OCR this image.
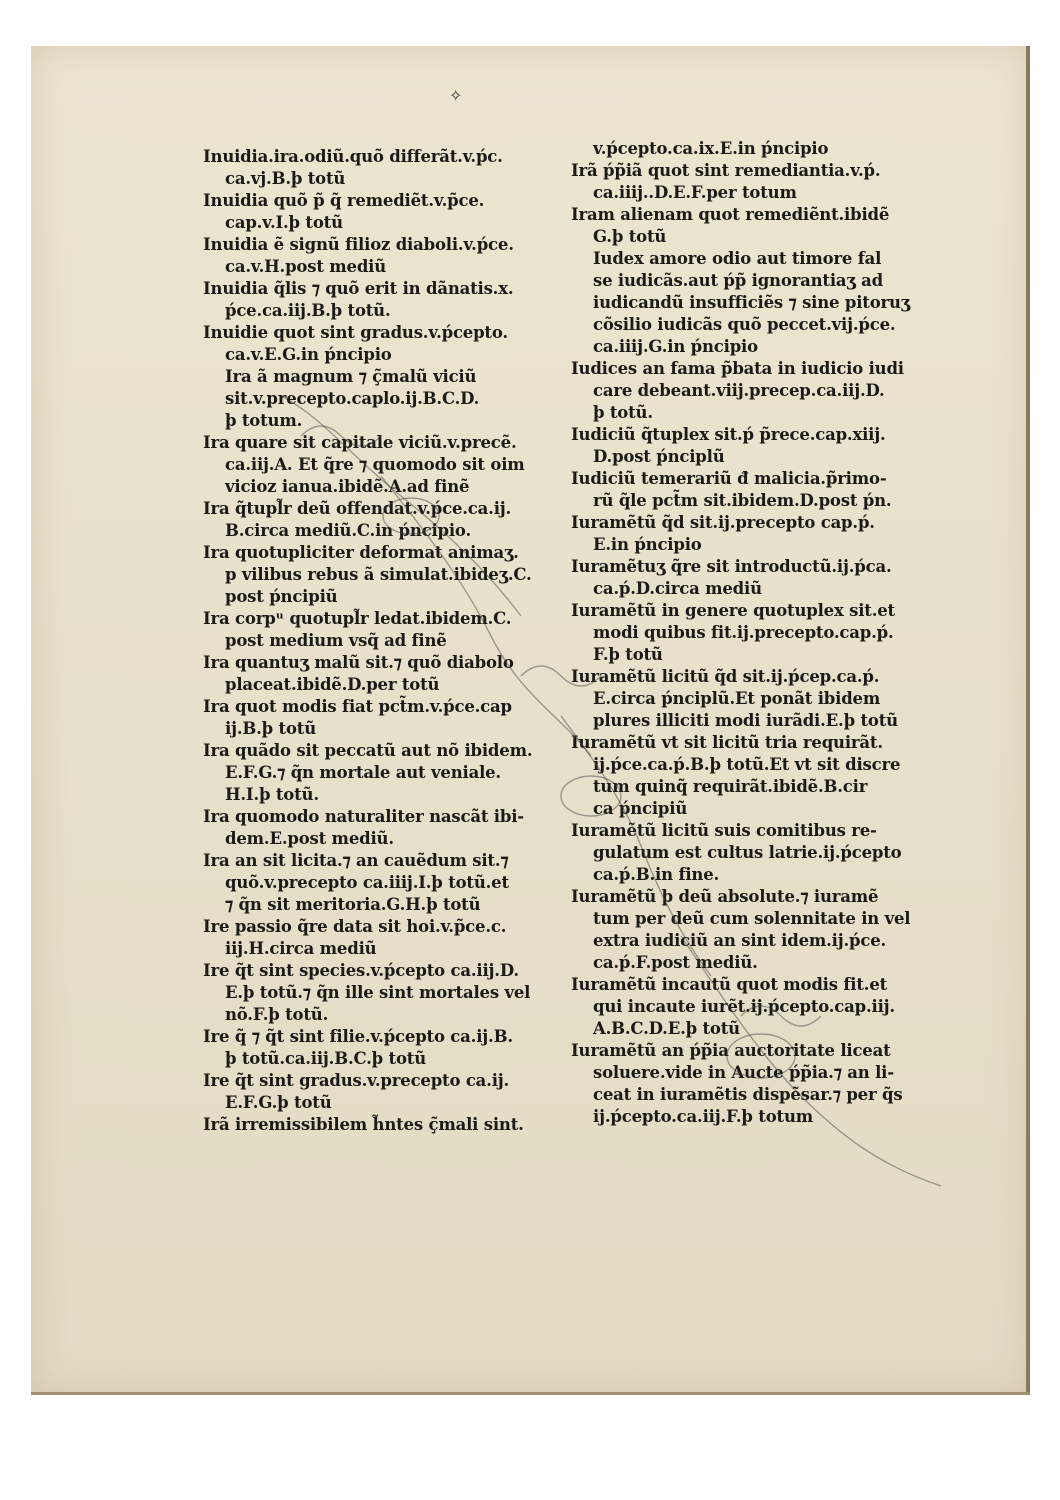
✧

Inuidia.ira.odiũ.quõ differãt.v.ṕc.

ca.vj.B.þ totũ

Inuidia quõ p̃ q̃ remediẽt.v.p̃ce.

cap.v.I.þ totũ

Inuidia ẽ signũ filioz diaboli.v.ṕce.

ca.v.H.post mediũ

Inuidia q̃lis ⁊ quõ erit in dãnatis.x.

ṕce.ca.iij.B.þ totũ.

Inuidie quot sint gradus.v.ṕcepto.

ca.v.E.G.in ṕncipio

Ira ã magnum ⁊ ç̃malũ viciũ

sit.v.precepto.caplo.ij.B.C.D.

þ totum.

Ira quare sit capitale viciũ.v.precẽ.

ca.iij.A. Et q̃re ⁊ quomodo sit oim

vicioz ianua.ibidẽ.A.ad finẽ

Ira q̃tupl̃r deũ offendat.v.ṕce.ca.ij.

B.circa mediũ.C.in ṕncipio.

Ira quotupliciter deformat animaʒ.

p vilibus rebus ã simulat.ibideʒ.C.

post ṕncipiũ

Ira corpᵘ quotupl̃r ledat.ibidem.C.

post medium vsq̃ ad finẽ

Ira quantuʒ malũ sit.⁊ quõ diabolo

placeat.ibidẽ.D.per totũ

Ira quot modis fiat pct̃m.v.ṕce.cap

ij.B.þ totũ

Ira quãdo sit peccatũ aut nõ ibidem.

E.F.G.⁊ q̃n mortale aut veniale.

H.I.þ totũ.

Ira quomodo naturaliter nascãt ibi-

dem.E.post mediũ.

Ira an sit licita.⁊ an cauẽdum sit.⁊

quõ.v.precepto ca.iiij.I.þ totũ.et

⁊ q̃n sit meritoria.G.H.þ totũ

Ire passio q̃re data sit hoi.v.p̃ce.c.

iij.H.circa mediũ

Ire q̃t sint species.v.ṕcepto ca.iij.D.

E.þ totũ.⁊ q̃n ille sint mortales vel

nõ.F.þ totũ.

Ire q̃ ⁊ q̃t sint filie.v.ṕcepto ca.ij.B.

þ totũ.ca.iij.B.C.þ totũ

Ire q̃t sint gradus.v.precepto ca.ij.

E.F.G.þ totũ

Irã irremissibilem h̃ntes ç̃mali sint.

v.ṕcepto.ca.ix.E.in ṕncipio

Irã ṕp̃iã quot sint remediantia.v.ṕ.

ca.iiij..D.E.F.per totum

Iram alienam quot remediẽnt.ibidẽ

G.þ totũ

Iudex amore odio aut timore fal

se iudicãs.aut ṕp̃ ignorantiaʒ ad

iudicandũ insufficiẽs ⁊ sine pitoruʒ

cõsilio iudicãs quõ peccet.vij.ṕce.

ca.iiij.G.in ṕncipio

Iudices an fama p̃bata in iudicio iudi

care debeant.viij.precep.ca.iij.D.

þ totũ.

Iudiciũ q̃tuplex sit.ṕ p̃rece.cap.xiij.

D.post ṕnciplũ

Iudiciũ temerariũ đ malicia.p̃rimo-

rũ q̃le pct̃m sit.ibidem.D.post ṕn.

Iuramẽtũ q̃d sit.ij.precepto cap.ṕ.

E.in ṕncipio

Iuramẽtuʒ q̃re sit introductũ.ij.ṕca.

ca.ṕ.D.circa mediũ

Iuramẽtũ in genere quotuplex sit.et

modi quibus fit.ij.precepto.cap.ṕ.

F.þ totũ

Iuramẽtũ licitũ q̃d sit.ij.ṕcep.ca.ṕ.

E.circa ṕnciplũ.Et ponãt ibidem

plures illiciti modi iurãdi.E.þ totũ

Iuramẽtũ vt sit licitũ tria requirãt.

ij.ṕce.ca.ṕ.B.þ totũ.Et vt sit discre

tum quinq̃ requirãt.ibidẽ.B.cir

ca ṕncipiũ

Iuramẽtũ licitũ suis comitibus re-

gulatum est cultus latrie.ij.ṕcepto

ca.ṕ.B.in fine.

Iuramẽtũ þ deũ absolute.⁊ iuramẽ

tum per deũ cum solennitate in vel

extra iudiciũ an sint idem.ij.ṕce.

ca.ṕ.F.post mediũ.

Iuramẽtũ incautũ quot modis fit.et

qui incaute iurẽt.ij.ṕcepto.cap.iij.

A.B.C.D.E.þ totũ

Iuramẽtũ an ṕp̃ia auctoritate liceat

soluere.vide in Aucte ṕp̃ia.⁊ an li-

ceat in iuramẽtis dispẽsar.⁊ per q̃s

ij.ṕcepto.ca.iij.F.þ totum
